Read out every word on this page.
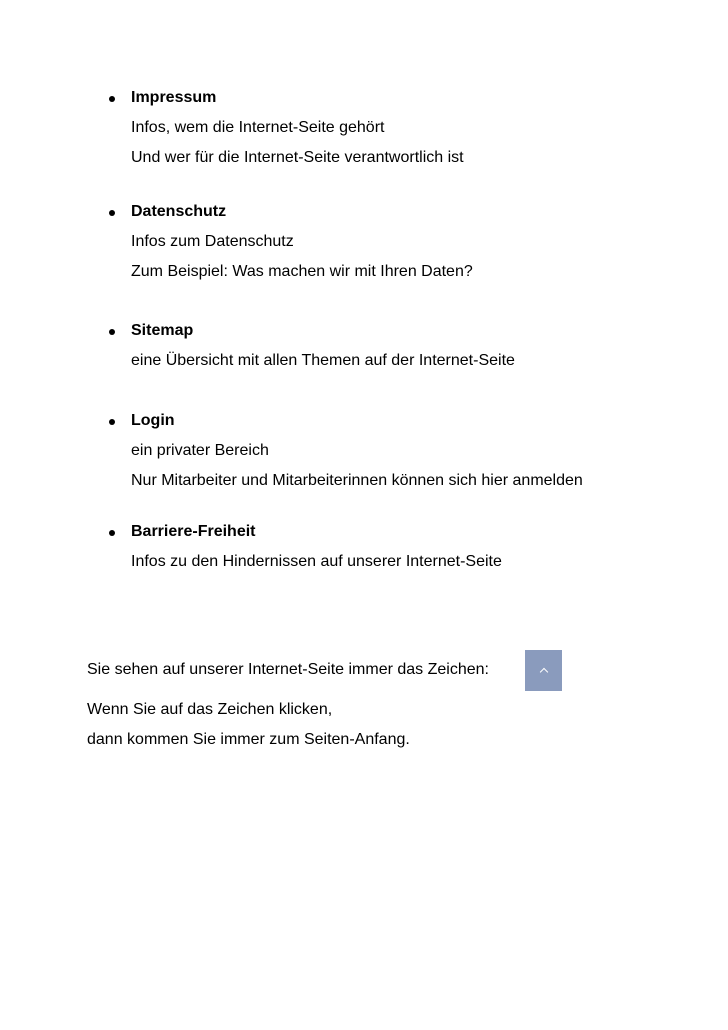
Impressum
Infos, wem die Internet-Seite gehört
Und wer für die Internet-Seite verantwortlich ist
Datenschutz
Infos zum Datenschutz
Zum Beispiel: Was machen wir mit Ihren Daten?
Sitemap
eine Übersicht mit allen Themen auf der Internet-Seite
Login
ein privater Bereich
Nur Mitarbeiter und Mitarbeiterinnen können sich hier anmelden
Barriere-Freiheit
Infos zu den Hindernissen auf unserer Internet-Seite
Sie sehen auf unserer Internet-Seite immer das Zeichen:
Wenn Sie auf das Zeichen klicken,
dann kommen Sie immer zum Seiten-Anfang.
